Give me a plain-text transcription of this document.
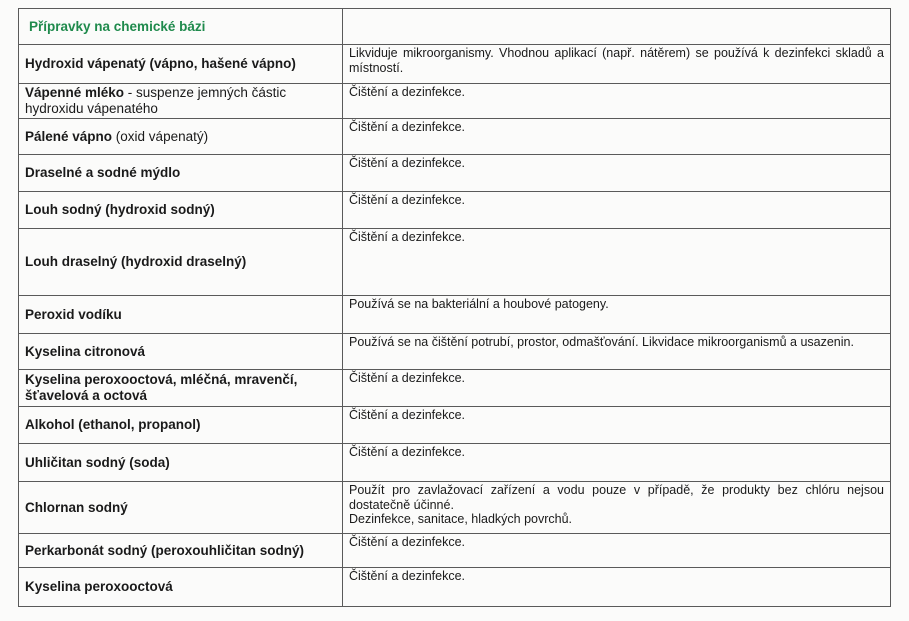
Přípravky na chemické bázi	
Hydroxid vápenatý (vápno, hašené vápno)	Likviduje mikroorganismy. Vhodnou aplikací (např. nátěrem) se používá k dezinfekci skladů a místností.
Vápenné mléko - suspenze jemných částic
hydroxidu vápenatého	Čištění a dezinfekce.
Pálené vápno (oxid vápenatý)	Čištění a dezinfekce.
Draselné a sodné mýdlo	Čištění a dezinfekce.
Louh sodný (hydroxid sodný)	Čištění a dezinfekce.
Louh draselný (hydroxid draselný)	Čištění a dezinfekce.
Peroxid vodíku	Používá se na bakteriální a houbové patogeny.
Kyselina citronová	Používá se na čištění potrubí, prostor, odmašťování. Likvidace mikroorganismů a usazenin.
Kyselina peroxooctová, mléčná, mravenčí, šťavelová a octová	Čištění a dezinfekce.
Alkohol (ethanol, propanol)	Čištění a dezinfekce.
Uhličitan sodný (soda)	Čištění a dezinfekce.
Chlornan sodný	Použít pro zavlažovací zařízení a vodu pouze v případě, že produkty bez chlóru nejsou dostatečně účinné.
Dezinfekce, sanitace, hladkých povrchů.

Perkarbonát sodný (peroxouhličitan sodný)	Čištění a dezinfekce.
Kyselina peroxooctová	Čištění a dezinfekce.
